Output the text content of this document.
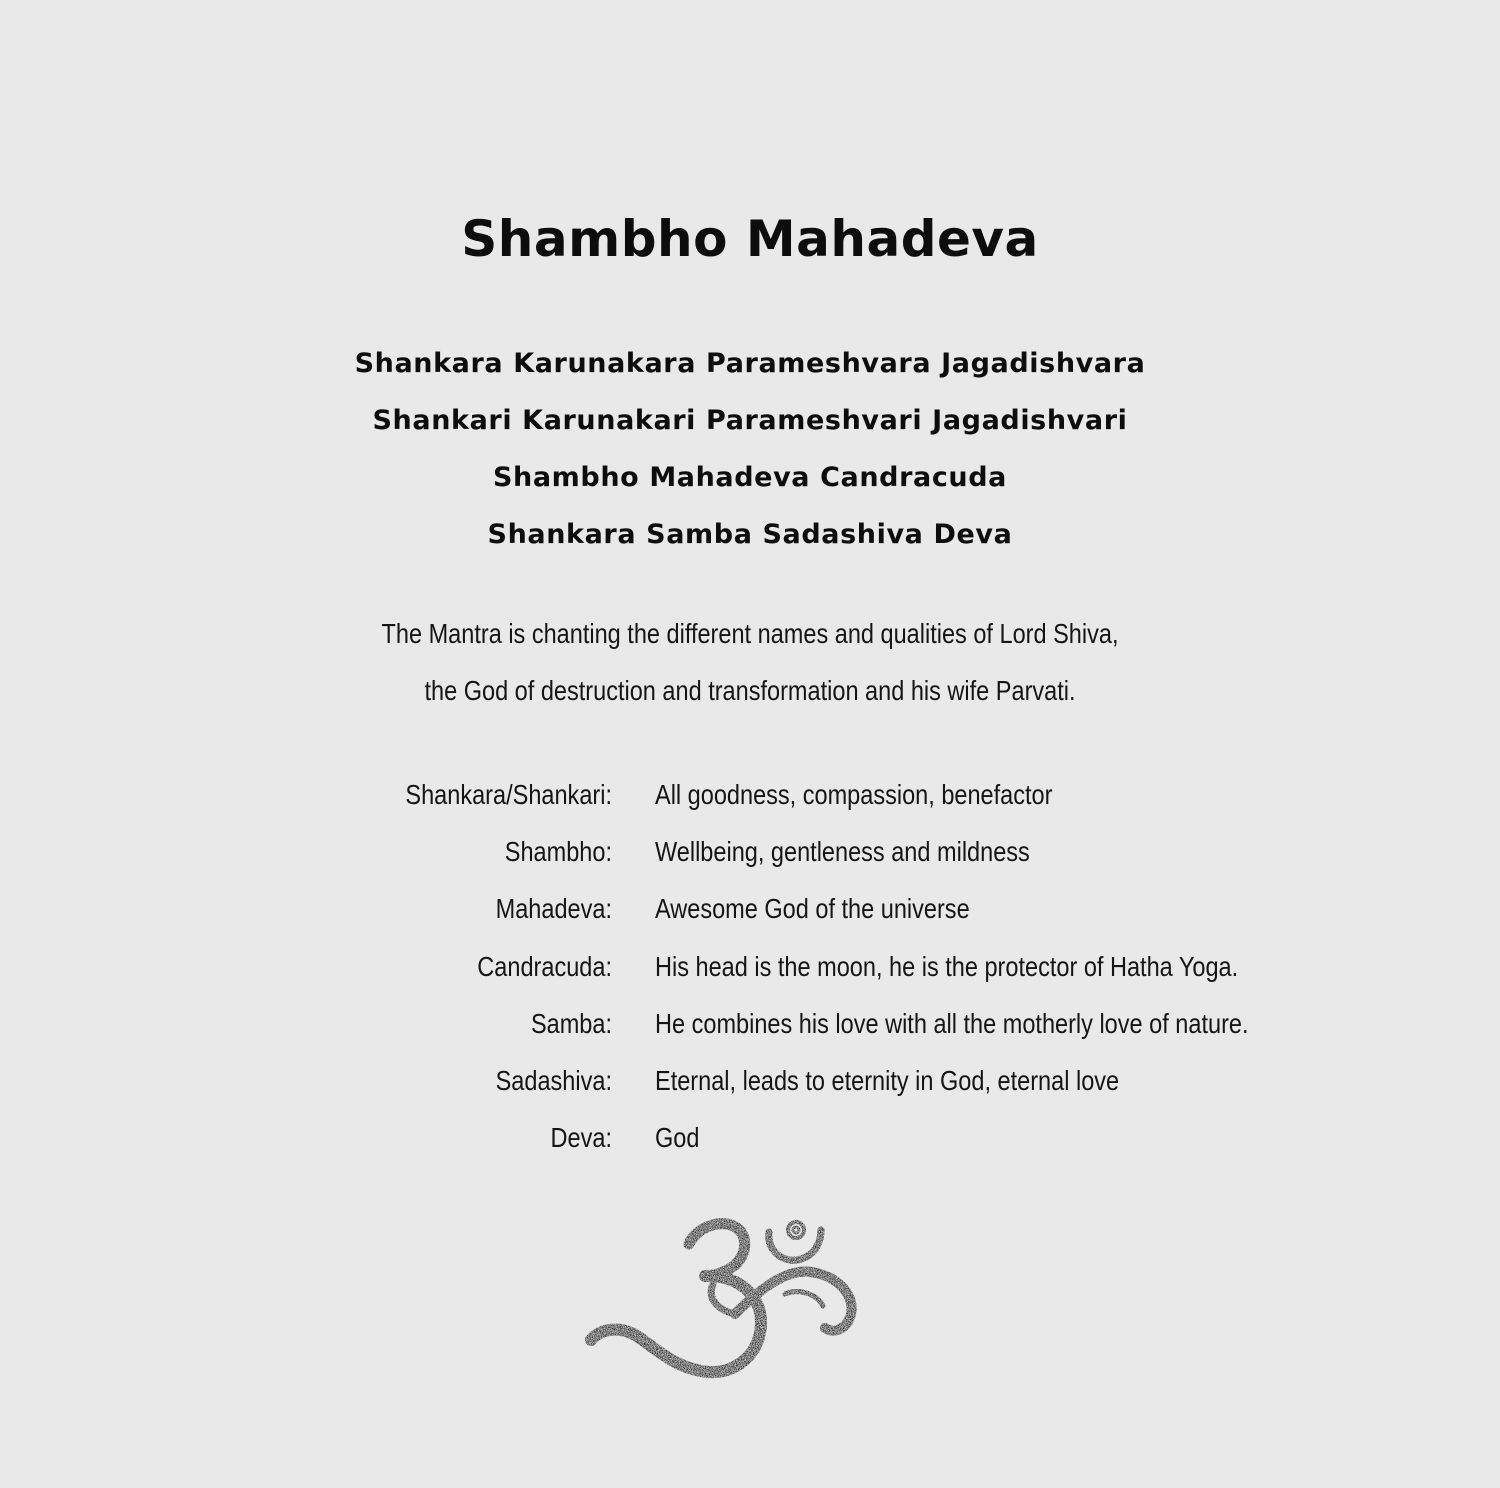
Shambho Mahadeva
Shankara Karunakara Parameshvara Jagadishvara
Shankari Karunakari Parameshvari Jagadishvari
Shambho Mahadeva Candracuda
Shankara Samba Sadashiva Deva
The Mantra is chanting the different names and qualities of Lord Shiva,
the God of destruction and transformation and his wife Parvati.
Shankara/Shankari: All goodness, compassion, benefactor
Shambho: Wellbeing, gentleness and mildness
Mahadeva: Awesome God of the universe
Candracuda: His head is the moon, he is the protector of Hatha Yoga.
Samba: He combines his love with all the motherly love of nature.
Sadashiva: Eternal, leads to eternity in God, eternal love
Deva: God
